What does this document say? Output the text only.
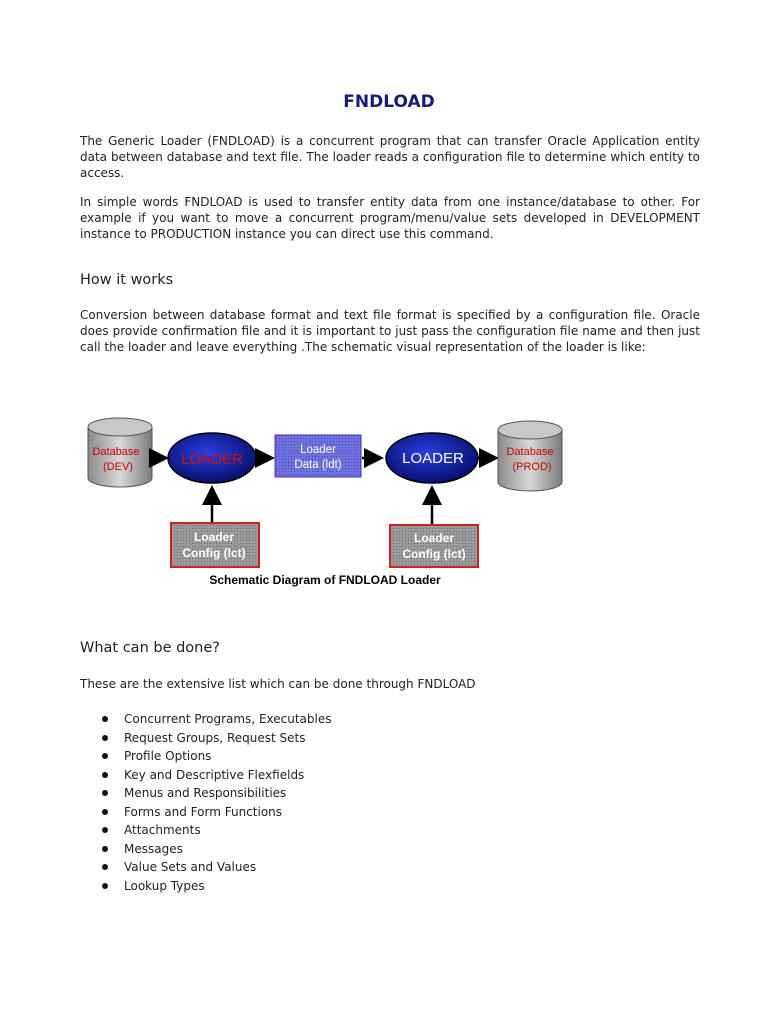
FNDLOAD

The Generic Loader (FNDLOAD) is a concurrent program that can transfer Oracle Application entity data between database and text file. The loader reads a configuration file to determine which entity to access.

In simple words FNDLOAD is used to transfer entity data from one instance/database to other. For example if you want to move a concurrent program/menu/value sets developed in DEVELOPMENT instance to PRODUCTION instance you can direct use this command.

How it works

Conversion between database format and text file format is specified by a configuration file. Oracle does provide confirmation file and it is important to just pass the configuration file name and then just call the loader and leave everything .The schematic visual representation of the loader is like:

Database
(DEV)	LOADER
Loader
Data (ldt)	LOADER	Database
(PROD)
Loader
Config (lct)
Loader
Config (lct)
Schematic Diagram of FNDLOAD Loader
What can be done?

These are the extensive list which can be done through FNDLOAD

Concurrent Programs, Executables
Request Groups, Request Sets
Profile Options
Key and Descriptive Flexfields
Menus and Responsibilities
Forms and Form Functions
Attachments
Messages
Value Sets and Values
Lookup Types
